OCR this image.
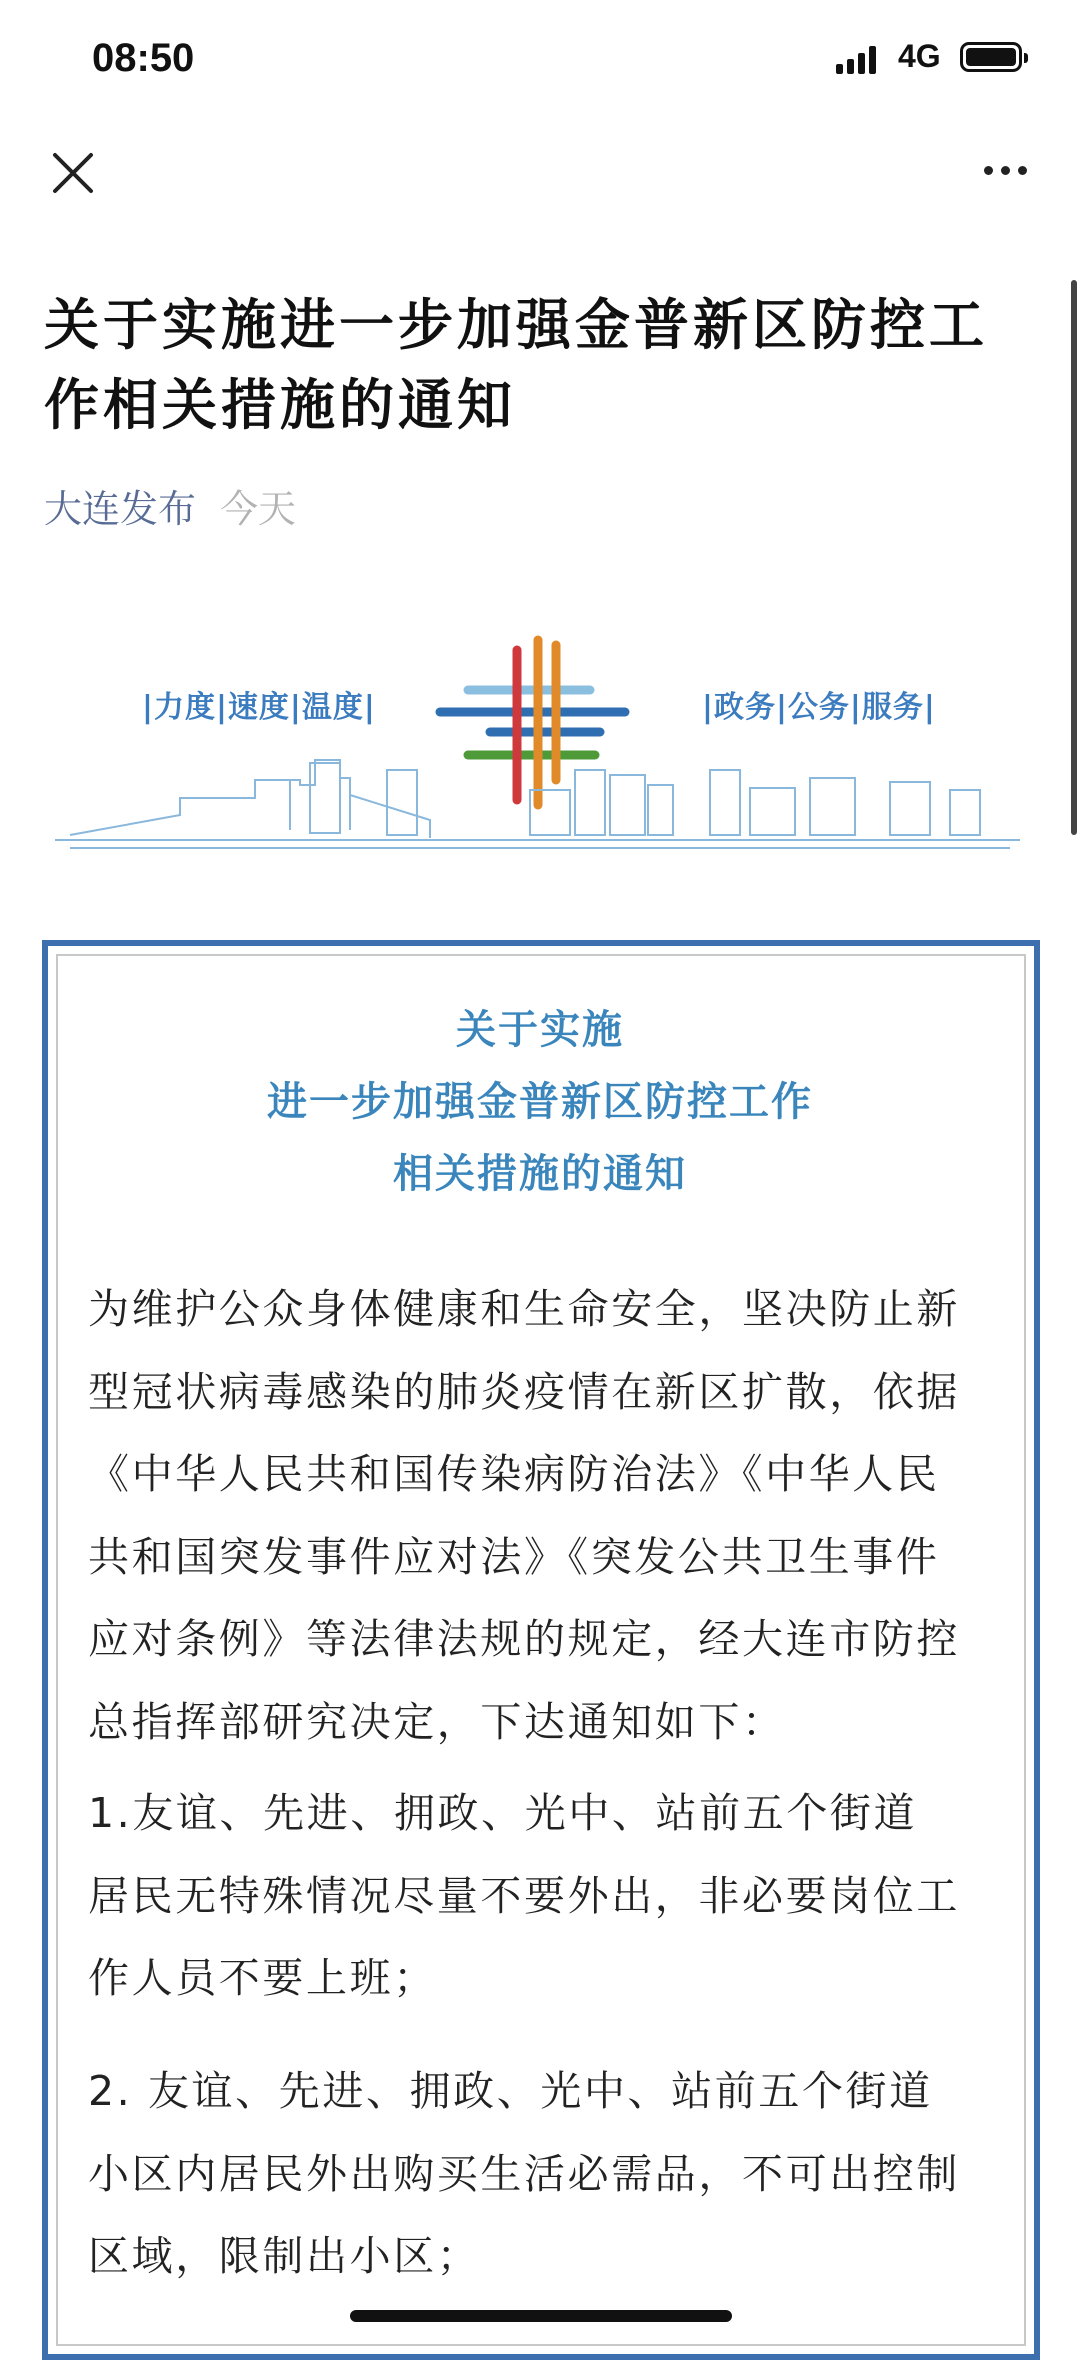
08:50	4G
关于实施进一步加强金普新区防控工作相关措施的通知
大连发布 今天
|力度|速度|温度|	|政务|公务|服务|
关于实施
进一步加强金普新区防控工作
相关措施的通知

为维护公众身体健康和生命安全，坚决防止新型冠状病毒感染的肺炎疫情在新区扩散，依据《中华人民共和国传染病防治法》《中华人民共和国突发事件应对法》《突发公共卫生事件应对条例》等法律法规的规定，经大连市防控总指挥部研究决定，下达通知如下：

1.友谊、先进、拥政、光中、站前五个街道 居民无特殊情况尽量不要外出，非必要岗位工作人员不要上班；

2. 友谊、先进、拥政、光中、站前五个街道小区内居民外出购买生活必需品，不可出控制区域，限制出小区；
